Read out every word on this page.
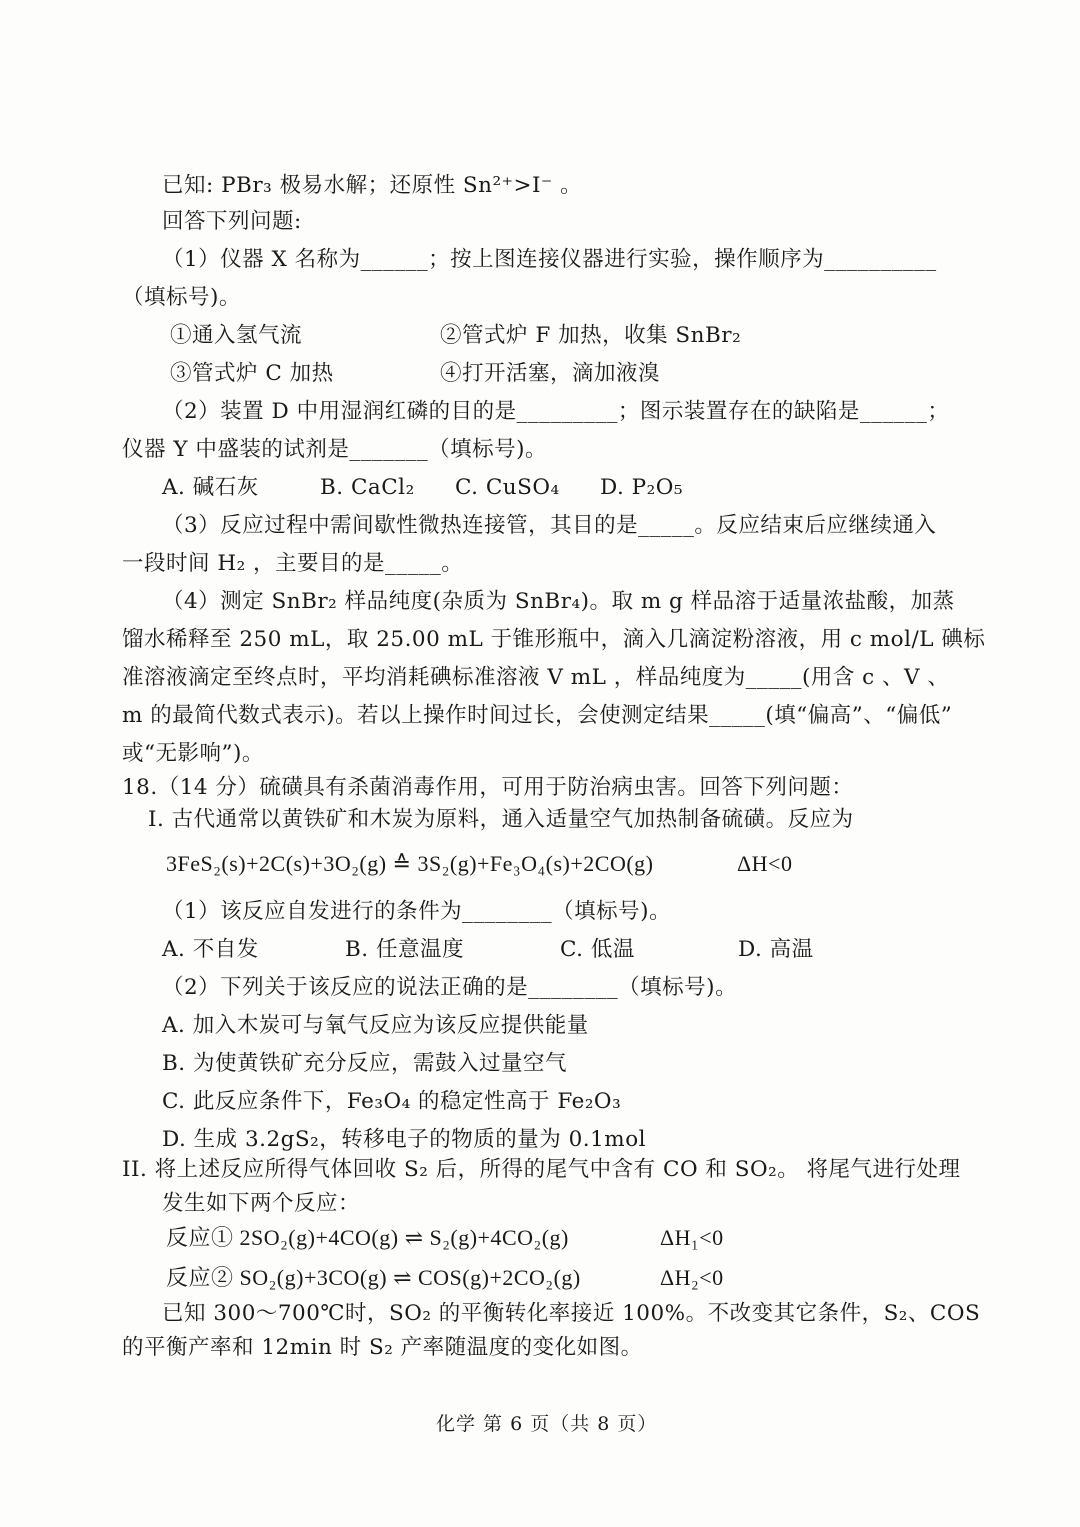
已知: PBr₃ 极易水解；还原性 Sn²⁺>I⁻ 。
回答下列问题:
（1）仪器 X 名称为______；按上图连接仪器进行实验，操作顺序为__________
（填标号)。
①通入氢气流	②管式炉 F 加热，收集 SnBr₂
③管式炉 C 加热	④打开活塞，滴加液溴
（2）装置 D 中用湿润红磷的目的是_________；图示装置存在的缺陷是______；
仪器 Y 中盛装的试剂是_______（填标号)。
A. 碱石灰	B. CaCl₂ C. CuSO₄ D. P₂O₅
（3）反应过程中需间歇性微热连接管，其目的是_____。反应结束后应继续通入
一段时间 H₂ ，主要目的是_____。
（4）测定 SnBr₂ 样品纯度(杂质为 SnBr₄)。取 m g 样品溶于适量浓盐酸，加蒸
馏水稀释至 250 mL，取 25.00 mL 于锥形瓶中，滴入几滴淀粉溶液，用 c mol/L 碘标
准溶液滴定至终点时，平均消耗碘标准溶液 V mL ，样品纯度为_____(用含 c 、V 、
m 的最简代数式表示)。若以上操作时间过长，会使测定结果_____(填“偏高”、“偏低”
或“无影响”)。
18.（14 分）硫磺具有杀菌消毒作用，可用于防治病虫害。回答下列问题：
I. 古代通常以黄铁矿和木炭为原料，通入适量空气加热制备硫磺。反应为
3FeS₂(s)+2C(s)+3O₂(g) ≙ 3S₂(g)+Fe₃O₄(s)+2CO(g)	ΔH<0
（1）该反应自发进行的条件为________（填标号)。
A. 不自发	B. 任意温度	C. 低温	D. 高温
（2）下列关于该反应的说法正确的是________（填标号)。
A. 加入木炭可与氧气反应为该反应提供能量
B. 为使黄铁矿充分反应，需鼓入过量空气
C. 此反应条件下，Fe₃O₄ 的稳定性高于 Fe₂O₃
D. 生成 3.2gS₂，转移电子的物质的量为 0.1mol
II. 将上述反应所得气体回收 S₂ 后，所得的尾气中含有 CO 和 SO₂。 将尾气进行处理
发生如下两个反应：
反应① 2SO₂(g)+4CO(g) ⇌ S₂(g)+4CO₂(g)	ΔH₁<0
反应② SO₂(g)+3CO(g) ⇌ COS(g)+2CO₂(g)	ΔH₂<0
已知 300～700℃时，SO₂ 的平衡转化率接近 100%。不改变其它条件，S₂、COS
的平衡产率和 12min 时 S₂ 产率随温度的变化如图。
化学 第 6 页（共 8 页）
